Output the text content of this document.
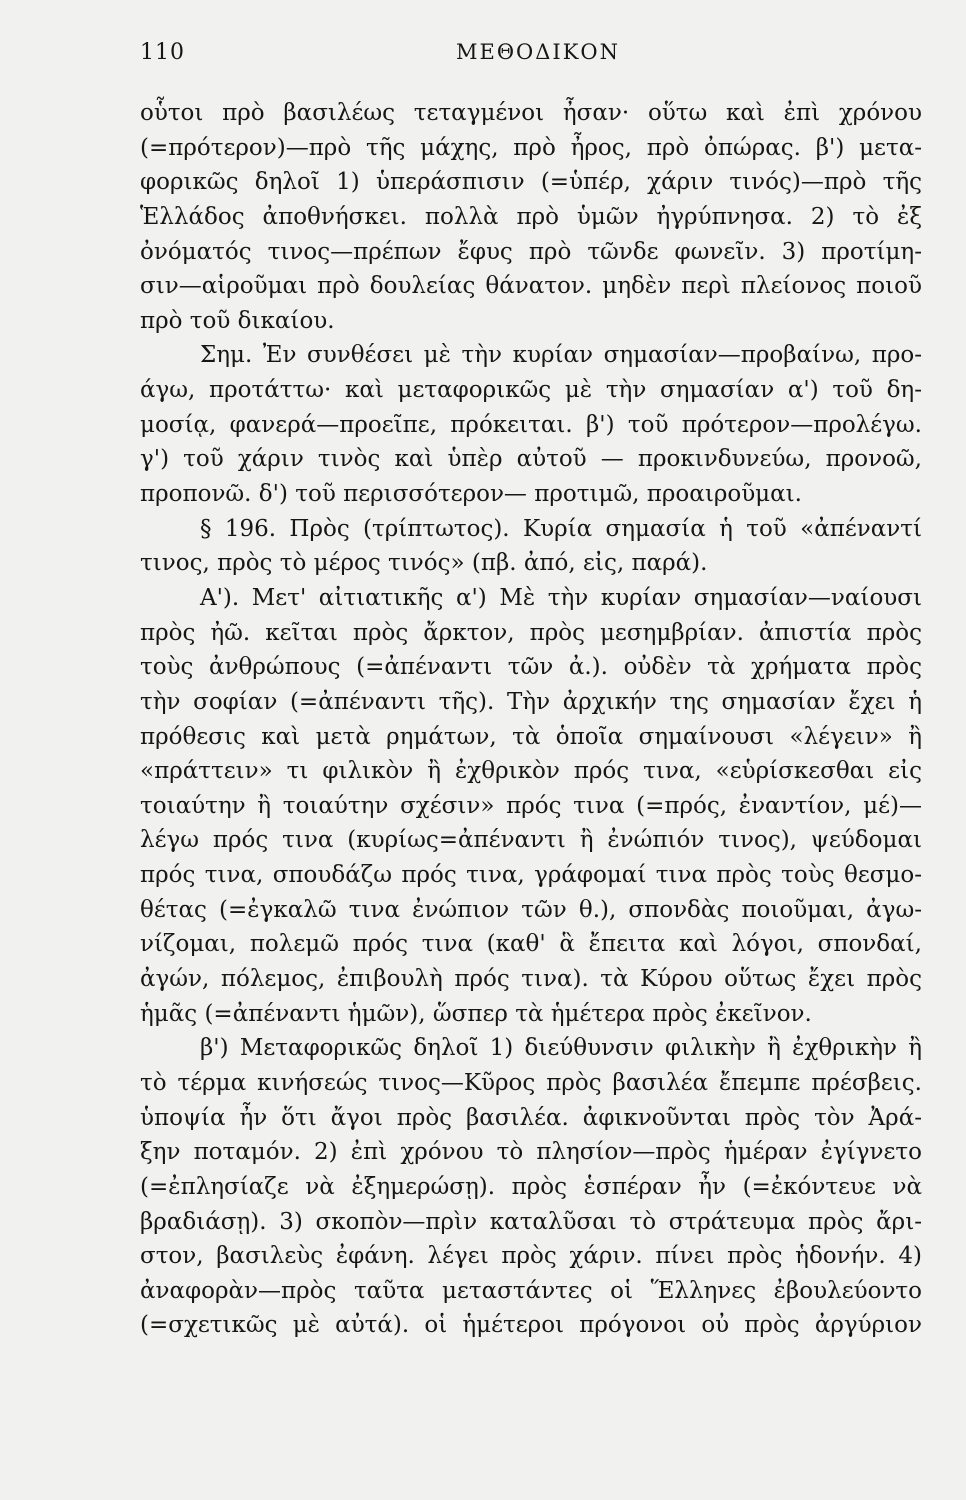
110	ΜΕΘΟΔΙΚΟΝ
οὗτοι πρὸ βασιλέως τεταγμένοι ἦσαν· οὕτω καὶ ἐπὶ χρόνου
(=πρότερον)—πρὸ τῆς μάχης, πρὸ ἦρος, πρὸ ὀπώρας. β') μετα-
φορικῶς δηλοῖ 1) ὑπεράσπισιν (=ὑπέρ, χάριν τινός)—πρὸ τῆς
Ἑλλάδος ἀποθνήσκει. πολλὰ πρὸ ὑμῶν ἠγρύπνησα. 2) τὸ ἐξ
ὀνόματός τινος—πρέπων ἔφυς πρὸ τῶνδε φωνεῖν. 3) προτίμη-
σιν—αἱροῦμαι πρὸ δουλείας θάνατον. μηδὲν περὶ πλείονος ποιοῦ
πρὸ τοῦ δικαίου.
Σημ. Ἐν συνθέσει μὲ τὴν κυρίαν σημασίαν—προβαίνω, προ-
άγω, προτάττω· καὶ μεταφορικῶς μὲ τὴν σημασίαν α') τοῦ δη-
μοσίᾳ, φανερά—προεῖπε, πρόκειται. β') τοῦ πρότερον—προλέγω.
γ') τοῦ χάριν τινὸς καὶ ὑπὲρ αὐτοῦ — προκινδυνεύω, προνοῶ,
προπονῶ. δ') τοῦ περισσότερον— προτιμῶ, προαιροῦμαι.
§ 196. Πρὸς (τρίπτωτος). Κυρία σημασία ἡ τοῦ «ἀπέναντί
τινος, πρὸς τὸ μέρος τινός» (πβ. ἀπό, εἰς, παρά).
Α'). Μετ' αἰτιατικῆς α') Μὲ τὴν κυρίαν σημασίαν—ναίουσι
πρὸς ἠῶ. κεῖται πρὸς ἄρκτον, πρὸς μεσημβρίαν. ἀπιστία πρὸς
τοὺς ἀνθρώπους (=ἀπέναντι τῶν ἀ.). οὐδὲν τὰ χρήματα πρὸς
τὴν σοφίαν (=ἀπέναντι τῆς). Τὴν ἀρχικήν της σημασίαν ἔχει ἡ
πρόθεσις καὶ μετὰ ρημάτων, τὰ ὁποῖα σημαίνουσι «λέγειν» ἢ
«πράττειν» τι φιλικὸν ἢ ἐχθρικὸν πρός τινα, «εὑρίσκεσθαι εἰς
τοιαύτην ἢ τοιαύτην σχέσιν» πρός τινα (=πρός, ἐναντίον, μέ)—
λέγω πρός τινα (κυρίως=ἀπέναντι ἢ ἐνώπιόν τινος), ψεύδομαι
πρός τινα, σπουδάζω πρός τινα, γράφομαί τινα πρὸς τοὺς θεσμο-
θέτας (=ἐγκαλῶ τινα ἐνώπιον τῶν θ.), σπονδὰς ποιοῦμαι, ἀγω-
νίζομαι, πολεμῶ πρός τινα (καθ' ἃ ἔπειτα καὶ λόγοι, σπονδαί,
ἀγών, πόλεμος, ἐπιβουλὴ πρός τινα). τὰ Κύρου οὕτως ἔχει πρὸς
ἡμᾶς (=ἀπέναντι ἡμῶν), ὥσπερ τὰ ἡμέτερα πρὸς ἐκεῖνον.
β') Μεταφορικῶς δηλοῖ 1) διεύθυνσιν φιλικὴν ἢ ἐχθρικὴν ἢ
τὸ τέρμα κινήσεώς τινος—Κῦρος πρὸς βασιλέα ἔπεμπε πρέσβεις.
ὑποψία ἦν ὅτι ἄγοι πρὸς βασιλέα. ἀφικνοῦνται πρὸς τὸν Ἀρά-
ξην ποταμόν. 2) ἐπὶ χρόνου τὸ πλησίον—πρὸς ἡμέραν ἐγίγνετο
(=ἐπλησίαζε νὰ ἐξημερώσῃ). πρὸς ἑσπέραν ἦν (=ἐκόντευε νὰ
βραδιάσῃ). 3) σκοπὸν—πρὶν καταλῦσαι τὸ στράτευμα πρὸς ἄρι-
στον, βασιλεὺς ἐφάνη. λέγει πρὸς χάριν. πίνει πρὸς ἡδονήν. 4)
ἀναφορὰν—πρὸς ταῦτα μεταστάντες οἱ Ἕλληνες ἐβουλεύοντο
(=σχετικῶς μὲ αὐτά). οἱ ἡμέτεροι πρόγονοι οὐ πρὸς ἀργύριον
